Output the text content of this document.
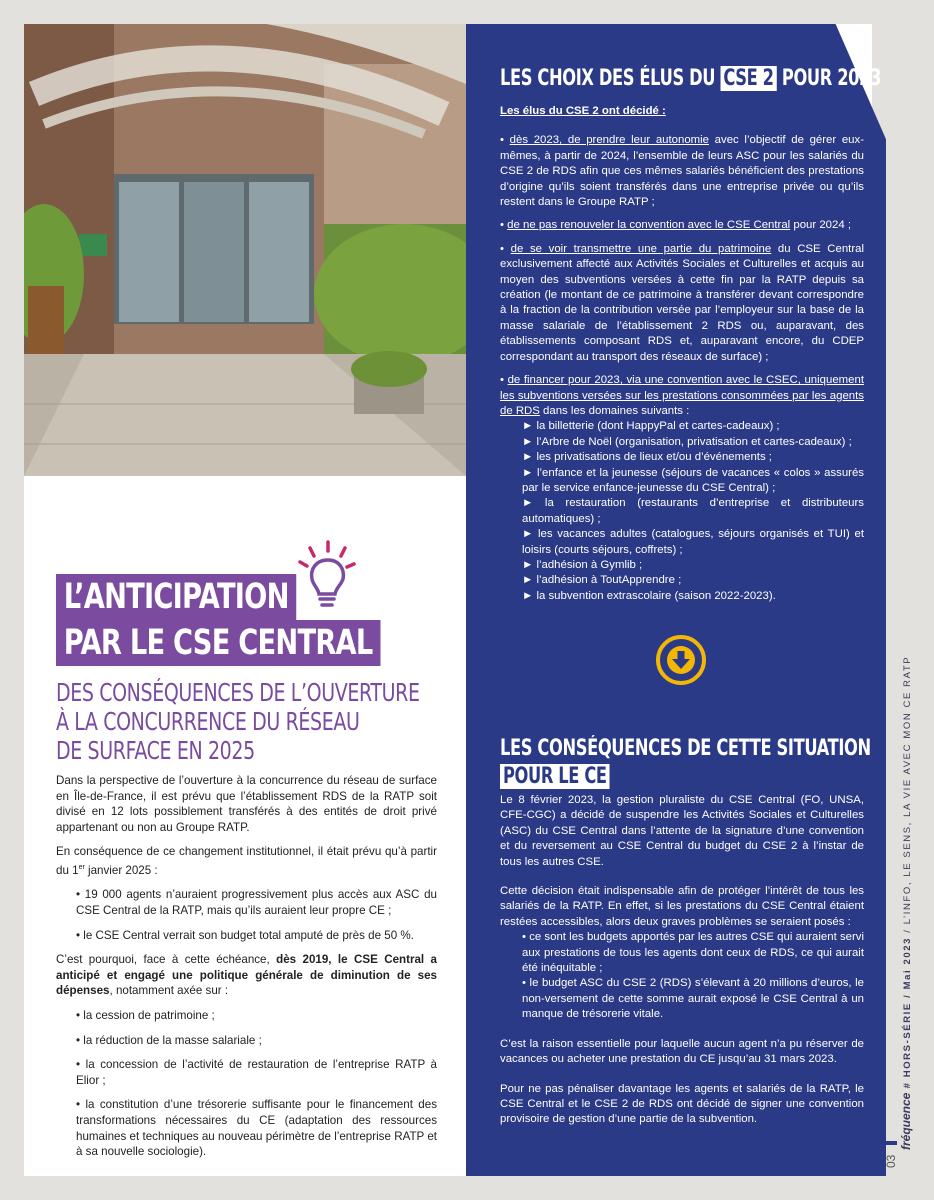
L’ANTICIPATION
PAR LE CSE CENTRAL
DES CONSÉQUENCES DE L’OUVERTURE
À LA CONCURRENCE DU RÉSEAU
DE SURFACE EN 2025

Dans la perspective de l’ouverture à la concurrence du réseau de surface en Île-de-France, il est prévu que l’établissement RDS de la RATP soit divisé en 12 lots possiblement transférés à des entités de droit privé appartenant ou non au Groupe RATP.

En conséquence de ce changement institutionnel, il était prévu qu’à partir du 1er janvier 2025 :

• 19 000 agents n’auraient progressivement plus accès aux ASC du CSE Central de la RATP, mais qu’ils auraient leur propre CE ;

• le CSE Central verrait son budget total amputé de près de 50 %.

C’est pourquoi, face à cette échéance, dès 2019, le CSE Central a anticipé et engagé une politique générale de diminution de ses dépenses, notamment axée sur :

• la cession de patrimoine ;

• la réduction de la masse salariale ;

• la concession de l’activité de restauration de l’entreprise RATP à Elior ;

• la constitution d’une trésorerie suffisante pour le financement des transformations nécessaires du CE (adaptation des ressources humaines et techniques au nouveau périmètre de l’entreprise RATP et à sa nouvelle sociologie).

LES CHOIX DES ÉLUS DU CSE 2 POUR 2023

Les élus du CSE 2 ont décidé :

• dès 2023, de prendre leur autonomie avec l’objectif de gérer eux-mêmes, à partir de 2024, l’ensemble de leurs ASC pour les salariés du CSE 2 de RDS afin que ces mêmes salariés bénéficient des prestations d’origine qu’ils soient transférés dans une entreprise privée ou qu’ils restent dans le Groupe RATP ;

• de ne pas renouveler la convention avec le CSE Central pour 2024 ;

• de se voir transmettre une partie du patrimoine du CSE Central exclusivement affecté aux Activités Sociales et Culturelles et acquis au moyen des subventions versées à cette fin par la RATP depuis sa création (le montant de ce patrimoine à transférer devant correspondre à la fraction de la contribution versée par l’employeur sur la base de la masse salariale de l’établissement 2 RDS ou, auparavant, des établissements composant RDS et, auparavant encore, du CDEP correspondant au transport des réseaux de surface) ;

• de financer pour 2023, via une convention avec le CSEC, uniquement les subventions versées sur les prestations consommées par les agents de RDS dans les domaines suivants :

► la billetterie (dont HappyPal et cartes-cadeaux) ;
► l’Arbre de Noël (organisation, privatisation et cartes-cadeaux) ;
► les privatisations de lieux et/ou d’événements ;
► l’enfance et la jeunesse (séjours de vacances « colos » assurés par le service enfance-jeunesse du CSE Central) ;
► la restauration (restaurants d’entreprise et distributeurs automatiques) ;
► les vacances adultes (catalogues, séjours organisés et TUI) et loisirs (courts séjours, coffrets) ;
► l’adhésion à Gymlib ;
► l’adhésion à ToutApprendre ;
► la subvention extrascolaire (saison 2022-2023).
LES CONSÉQUENCES DE CETTE SITUATION
POUR LE CE

Le 8 février 2023, la gestion pluraliste du CSE Central (FO, UNSA, CFE-CGC) a décidé de suspendre les Activités Sociales et Culturelles (ASC) du CSE Central dans l’attente de la signature d’une convention et du reversement au CSE Central du budget du CSE 2 à l’instar de tous les autres CSE.

Cette décision était indispensable afin de protéger l’intérêt de tous les salariés de la RATP. En effet, si les prestations du CSE Central étaient restées accessibles, alors deux graves problèmes se seraient posés :

• ce sont les budgets apportés par les autres CSE qui auraient servi aux prestations de tous les agents dont ceux de RDS, ce qui aurait été inéquitable ;
• le budget ASC du CSE 2 (RDS) s’élevant à 20 millions d’euros, le non-versement de cette somme aurait exposé le CSE Central à un manque de trésorerie vitale.

C’est la raison essentielle pour laquelle aucun agent n’a pu réserver de vacances ou acheter une prestation du CE jusqu’au 31 mars 2023.

Pour ne pas pénaliser davantage les agents et salariés de la RATP, le CSE Central et le CSE 2 de RDS ont décidé de signer une convention provisoire de gestion d’une partie de la subvention.	fréquence # HORS-SÉRIE / Mai 2023 / L’INFO, LE SENS, LA VIE AVEC MON CE RATP
03
